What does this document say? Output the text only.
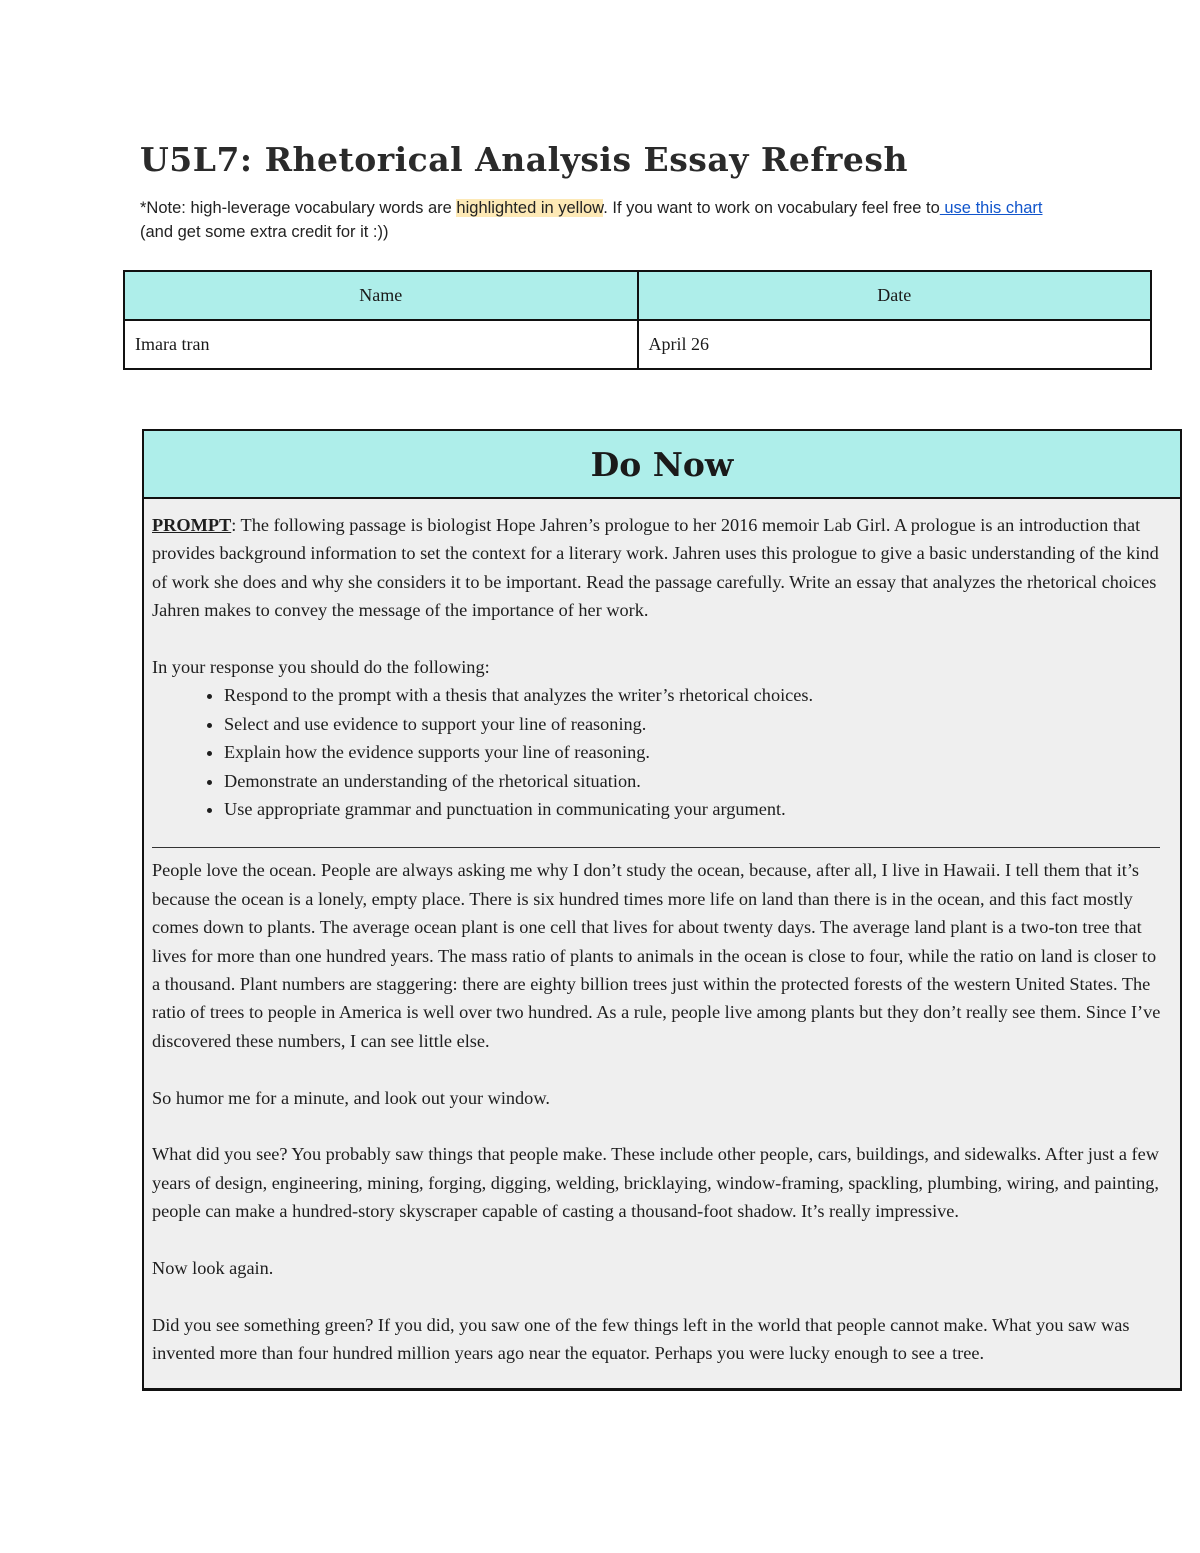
U5L7: Rhetorical Analysis Essay Refresh
*Note: high-leverage vocabulary words are highlighted in yellow. If you want to work on vocabulary feel free to use this chart (and get some extra credit for it :))
Name	Date
Imara tran	April 26
Do Now

PROMPT: The following passage is biologist Hope Jahren’s prologue to her 2016 memoir Lab Girl. A prologue is an introduction that provides background information to set the context for a literary work. Jahren uses this prologue to give a basic understanding of the kind of work she does and why she considers it to be important. Read the passage carefully. Write an essay that analyzes the rhetorical choices Jahren makes to convey the message of the importance of her work.

In your response you should do the following:

• Respond to the prompt with a thesis that analyzes the writer’s rhetorical choices.
• Select and use evidence to support your line of reasoning.
• Explain how the evidence supports your line of reasoning.
• Demonstrate an understanding of the rhetorical situation.
• Use appropriate grammar and punctuation in communicating your argument.

People love the ocean. People are always asking me why I don’t study the ocean, because, after all, I live in Hawaii. I tell them that it’s because the ocean is a lonely, empty place. There is six hundred times more life on land than there is in the ocean, and this fact mostly comes down to plants. The average ocean plant is one cell that lives for about twenty days. The average land plant is a two-ton tree that lives for more than one hundred years. The mass ratio of plants to animals in the ocean is close to four, while the ratio on land is closer to a thousand. Plant numbers are staggering: there are eighty billion trees just within the protected forests of the western United States. The ratio of trees to people in America is well over two hundred. As a rule, people live among plants but they don’t really see them. Since I’ve discovered these numbers, I can see little else.

So humor me for a minute, and look out your window.

What did you see? You probably saw things that people make. These include other people, cars, buildings, and sidewalks. After just a few years of design, engineering, mining, forging, digging, welding, bricklaying, window-framing, spackling, plumbing, wiring, and painting, people can make a hundred-story skyscraper capable of casting a thousand-foot shadow. It’s really impressive.

Now look again.

Did you see something green? If you did, you saw one of the few things left in the world that people cannot make. What you saw was invented more than four hundred million years ago near the equator. Perhaps you were lucky enough to see a tree.
